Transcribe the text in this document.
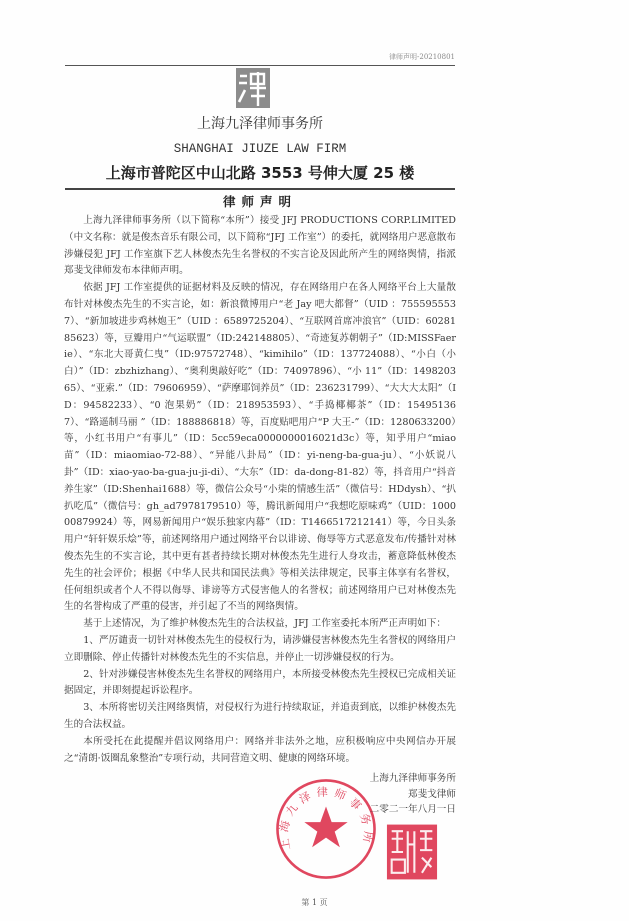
律师声明-20210801
上海九泽律师事务所
SHANGHAI JIUZE LAW FIRM
上海市普陀区中山北路 3553 号伸大厦 25 楼
律师声明

上海九泽律师事务所（以下简称“本所”）接受 JFJ PRODUCTIONS CORP.LIMITED（中文名称：就是俊杰音乐有限公司，以下简称“JFJ 工作室”）的委托，就网络用户恶意散布涉嫌侵犯 JFJ 工作室旗下艺人林俊杰先生名誉权的不实言论及因此所产生的网络舆情，指派郑斐戈律师发布本律师声明。

依据 JFJ 工作室提供的证据材料及反映的情况，存在网络用户在各人网络平台上大量散布针对林俊杰先生的不实言论，如：新浪微博用户“老 Jay 吧大都督”（UID ：7555955537）、“新加坡进步鸡林炮王”（UID ：6589725204）、“互联网首席冲浪官”（UID：6028185623）等，豆瓣用户“气运联盟”（ID:242148805）、“奇迹复苏朝朝子”（ID:MISSFaerie）、“东北大哥黄仁曳”（ID:97572748）、“kimihilo”（ID：137724088）、“小白（小白）”（ID：zbzhizhang）、“奥利奥敲好吃”（ID：74097896）、“小 11”（ID：149820365）、“亚索.”（ID：79606959）、“萨摩耶饲养员”（ID：236231799）、“大大大太阳”（ID：94582233）、“0 泡果奶”（ID：218953593）、“手捣椰椰茶”（ID：154951367）、“路遥制马丽 ”（ID：188886818）等，百度贴吧用户“P 大王-”（ID：1280633200）等，小红书用户“有事儿”（ID：5cc59eca0000000016021d3c）等，知乎用户“miao 苗”（ID：miaomiao-72-88）、“异能八卦局”（ID：yi-neng-ba-gua-ju）、“小妖说八卦”（ID：xiao-yao-ba-gua-ju-ji-di）、“大东”（ID：da-dong-81-82）等，抖音用户“抖音养生家”（ID:Shenhai1688）等，微信公众号“小柒的情感生活”（微信号：HDdysh）、“扒扒吃瓜”（微信号：gh_ad7978179510）等，腾讯新闻用户“我想吃原味鸡”（UID：100000879924）等，网易新闻用户“娱乐独家内幕”（ID：T1466517212141）等，今日头条用户“轩轩娱乐烩”等，前述网络用户通过网络平台以诽谤、侮辱等方式恶意发布/传播针对林俊杰先生的不实言论，其中更有甚者持续长期对林俊杰先生进行人身攻击，蓄意降低林俊杰先生的社会评价；根据《中华人民共和国民法典》等相关法律规定，民事主体享有名誉权，任何组织或者个人不得以侮辱、诽谤等方式侵害他人的名誉权；前述网络用户已对林俊杰先生的名誉构成了严重的侵害，并引起了不当的网络舆情。

基于上述情况，为了维护林俊杰先生的合法权益，JFJ 工作室委托本所严正声明如下：

1、严厉谴责一切针对林俊杰先生的侵权行为，请涉嫌侵害林俊杰先生名誉权的网络用户立即删除、停止传播针对林俊杰先生的不实信息，并停止一切涉嫌侵权的行为。

2、针对涉嫌侵害林俊杰先生名誉权的网络用户，本所接受林俊杰先生授权已完成相关证据固定，并即刻提起诉讼程序。

3、本所将密切关注网络舆情，对侵权行为进行持续取证，并追责到底，以维护林俊杰先生的合法权益。

本所受托在此提醒并倡议网络用户：网络并非法外之地，应积极响应中央网信办开展之“清朗·饭圈乱象整治”专项行动，共同营造文明、健康的网络环境。

上海九泽律师事务所
上海九泽律师事务所
郑斐戈律师
二零二一年八月一日
第 1 页
